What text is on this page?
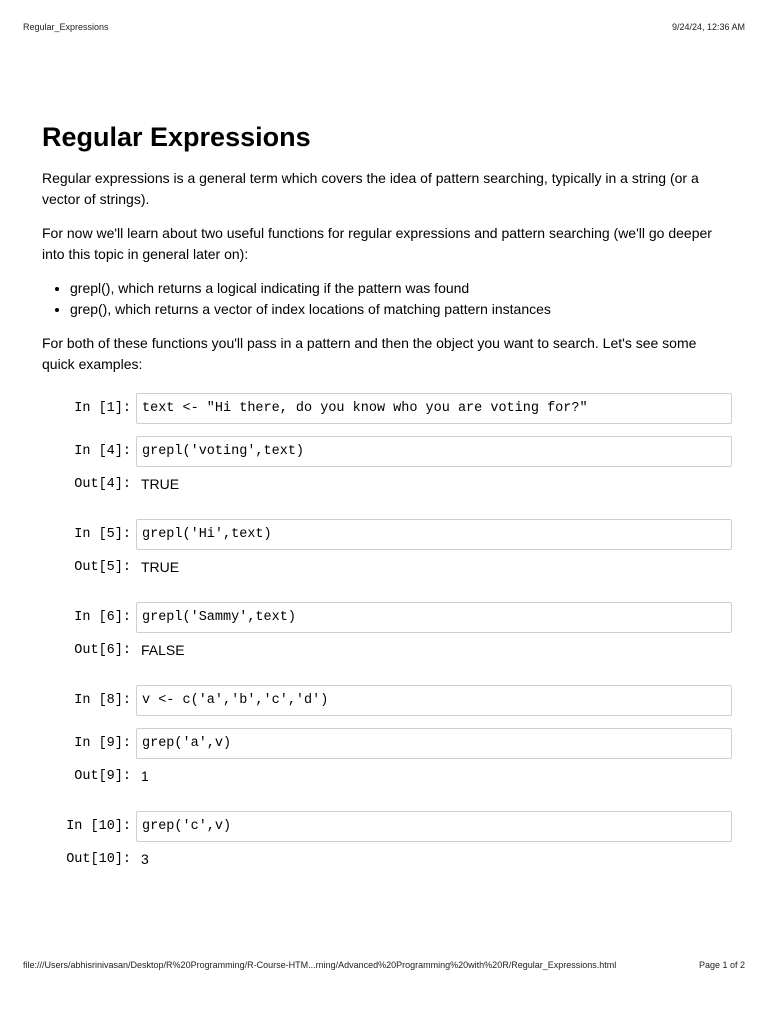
Regular_Expressions	9/24/24, 12:36 AM
Regular Expressions

Regular expressions is a general term which covers the idea of pattern searching, typically in a string (or a vector of strings).

For now we'll learn about two useful functions for regular expressions and pattern searching (we'll go deeper into this topic in general later on):

• grepl(), which returns a logical indicating if the pattern was found
• grep(), which returns a vector of index locations of matching pattern instances

For both of these functions you'll pass in a pattern and then the object you want to search. Let's see some quick examples:

In [1]: text <- "Hi there, do you know who you are voting for?"
In [4]: grepl('voting',text)
Out[4]: TRUE
In [5]: grepl('Hi',text)
Out[5]: TRUE
In [6]: grepl('Sammy',text)
Out[6]: FALSE
In [8]: v <- c('a','b','c','d')
In [9]: grep('a',v)
Out[9]: 1
In [10]: grep('c',v)
Out[10]: 3
file:///Users/abhisrinivasan/Desktop/R%20Programming/R-Course-HTM...rning/Advanced%20Programming%20with%20R/Regular_Expressions.html	Page 1 of 2
